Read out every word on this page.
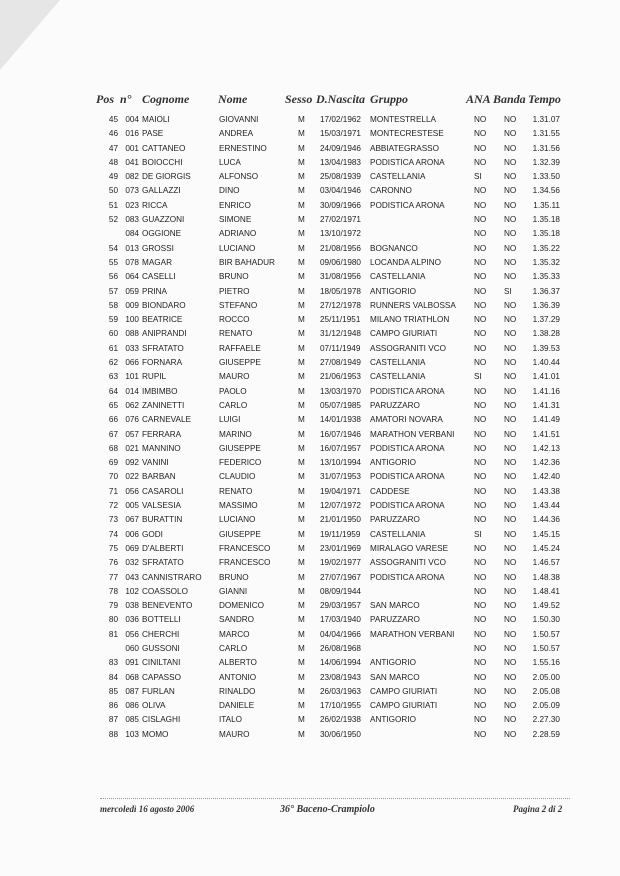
Pos n° Cognome Nome	Sesso D.Nascita Gruppo	ANA Banda Tempo
45 004 MAIOLI	GIOVANNI	M 17/02/1962 MONTESTRELLA	NO NO	1.31.07
46 016 PASE	ANDREA	M 15/03/1971 MONTECRESTESE	NO NO	1.31.55
47 001 CATTANEO	ERNESTINO	M 24/09/1946 ABBIATEGRASSO	NO NO	1.31.56
48 041 BOIOCCHI	LUCA	M 13/04/1983 PODISTICA ARONA	NO NO	1.32.39
49 082 DE GIORGIS	ALFONSO	M 25/08/1939 CASTELLANIA	SI	NO	1.33.50
50 073 GALLAZZI	DINO	M 03/04/1946 CARONNO	NO NO	1.34.56
51 023 RICCA	ENRICO	M 30/09/1966 PODISTICA ARONA	NO NO	1.35.11
52 083 GUAZZONI	SIMONE	M 27/02/1971	NO NO	1.35.18
084 OGGIONE	ADRIANO	M 13/10/1972	NO NO	1.35.18
54 013 GROSSI	LUCIANO	M 21/08/1956 BOGNANCO	NO NO	1.35.22
55 078 MAGAR	BIR BAHADUR	M 09/06/1980 LOCANDA ALPINO	NO NO	1.35.32
56 064 CASELLI	BRUNO	M 31/08/1956 CASTELLANIA	NO NO	1.35.33
57 059 PRINA	PIETRO	M 18/05/1978 ANTIGORIO	NO SI	1.36.37
58 009 BIONDARO	STEFANO	M 27/12/1978 RUNNERS VALBOSSA NO NO	1.36.39
59 100 BEATRICE	ROCCO	M 25/11/1951 MILANO TRIATHLON	NO NO	1.37.29
60 088 ANIPRANDI	RENATO	M 31/12/1948 CAMPO GIURIATI	NO NO	1.38.28
61 033 SFRATATO	RAFFAELE	M 07/11/1949 ASSOGRANITI VCO	NO NO	1.39.53
62 066 FORNARA	GIUSEPPE	M 27/08/1949 CASTELLANIA	NO NO	1.40.44
63 101 RUPIL	MAURO	M 21/06/1953 CASTELLANIA	SI	NO	1.41.01
64 014 IMBIMBO	PAOLO	M 13/03/1970 PODISTICA ARONA	NO NO	1.41.16
65 062 ZANINETTI	CARLO	M 05/07/1985 PARUZZARO	NO NO	1.41.31
66 076 CARNEVALE	LUIGI	M 14/01/1938 AMATORI NOVARA	NO NO	1.41.49
67 057 FERRARA	MARINO	M 16/07/1946 MARATHON VERBANI NO NO	1.41.51
68 021 MANNINO	GIUSEPPE	M 16/07/1957 PODISTICA ARONA	NO NO	1.42.13
69 092 VANINI	FEDERICO	M 13/10/1994 ANTIGORIO	NO NO	1.42.36
70 022 BARBAN	CLAUDIO	M 31/07/1953 PODISTICA ARONA	NO NO	1.42.40
71 056 CASAROLI	RENATO	M 19/04/1971 CADDESE	NO NO	1.43.38
72 005 VALSESIA	MASSIMO	M 12/07/1972 PODISTICA ARONA	NO NO	1.43.44
73 067 BURATTIN	LUCIANO	M 21/01/1950 PARUZZARO	NO NO	1.44.36
74 006 GODI	GIUSEPPE	M 19/11/1959 CASTELLANIA	SI	NO	1.45.15
75 069 D'ALBERTI	FRANCESCO	M 23/01/1969 MIRALAGO VARESE	NO NO	1.45.24
76 032 SFRATATO	FRANCESCO	M 19/02/1977 ASSOGRANITI VCO	NO NO	1.46.57
77 043 CANNISTRARO BRUNO	M 27/07/1967 PODISTICA ARONA	NO NO	1.48.38
78 102 COASSOLO	GIANNI	M 08/09/1944	NO NO	1.48.41
79 038 BENEVENTO	DOMENICO	M 29/03/1957 SAN MARCO	NO NO	1.49.52
80 036 BOTTELLI	SANDRO	M 17/03/1940 PARUZZARO	NO NO	1.50.30
81 056 CHERCHI	MARCO	M 04/04/1966 MARATHON VERBANI NO NO	1.50.57
060 GUSSONI	CARLO	M 26/08/1968	NO NO	1.50.57
83 091 CINILTANI	ALBERTO	M 14/06/1994 ANTIGORIO	NO NO	1.55.16
84 068 CAPASSO	ANTONIO	M 23/08/1943 SAN MARCO	NO NO	2.05.00
85 087 FURLAN	RINALDO	M 26/03/1963 CAMPO GIURIATI	NO NO	2.05.08
86 086 OLIVA	DANIELE	M 17/10/1955 CAMPO GIURIATI	NO NO	2.05.09
87 085 CISLAGHI	ITALO	M 26/02/1938 ANTIGORIO	NO NO	2.27.30
88 103 MOMO	MAURO	M 30/06/1950	NO NO	2.28.59
mercoledì 16 agosto 2006	36° Baceno-Crampiolo	Pagina 2 di 2
